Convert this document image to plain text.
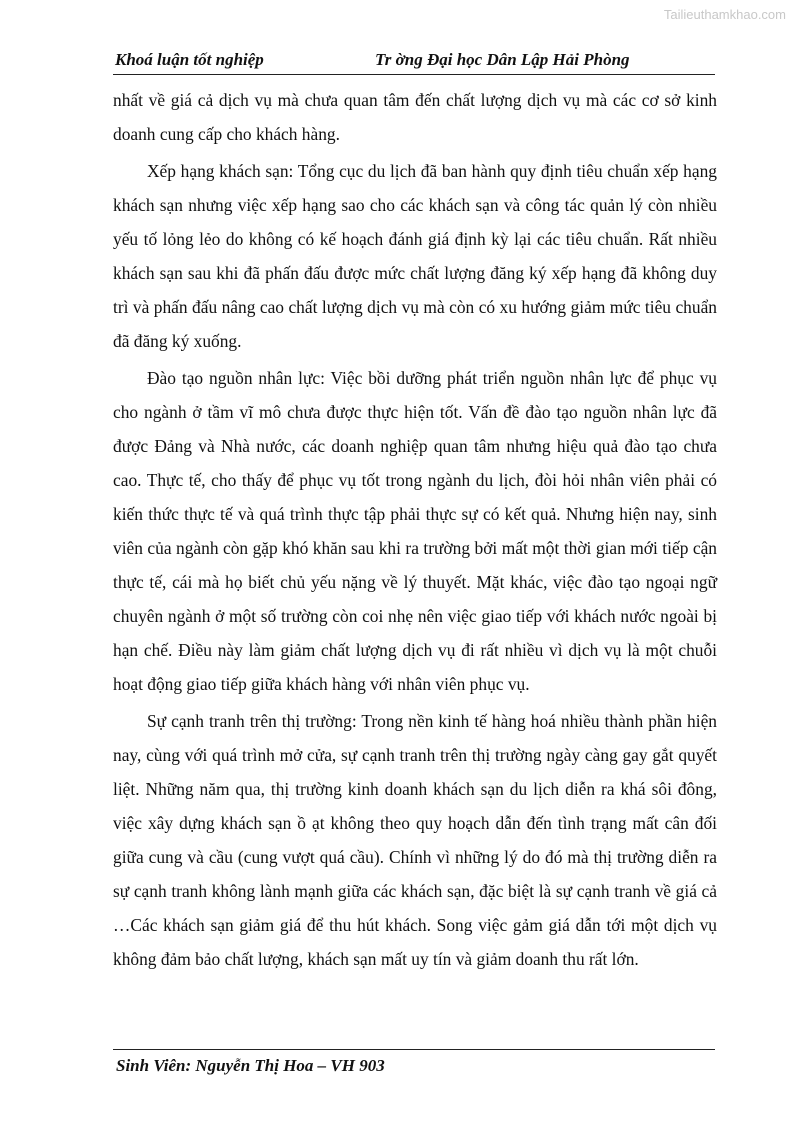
Tailieuthamkhao.com
Khoá luận tốt nghiệp	Tr ờng Đại học Dân Lập Hải Phòng

nhất về giá cả dịch vụ mà chưa quan tâm đến chất lượng dịch vụ mà các cơ sở kinh doanh cung cấp cho khách hàng.

Xếp hạng khách sạn: Tổng cục du lịch đã ban hành quy định tiêu chuẩn xếp hạng khách sạn nhưng việc xếp hạng sao cho các khách sạn và công tác quản lý còn nhiều yếu tố lỏng lẻo do không có kế hoạch đánh giá định kỳ lại các tiêu chuẩn. Rất nhiều khách sạn sau khi đã phấn đấu được mức chất lượng đăng ký xếp hạng đã không duy trì và phấn đấu nâng cao chất lượng dịch vụ mà còn có xu hướng giảm mức tiêu chuẩn đã đăng ký xuống.

Đào tạo nguồn nhân lực: Việc bồi dưỡng phát triển nguồn nhân lực để phục vụ cho ngành ở tầm vĩ mô chưa được thực hiện tốt. Vấn đề đào tạo nguồn nhân lực đã được Đảng và Nhà nước, các doanh nghiệp quan tâm nhưng hiệu quả đào tạo chưa cao. Thực tế, cho thấy để phục vụ tốt trong ngành du lịch, đòi hỏi nhân viên phải có kiến thức thực tế và quá trình thực tập phải thực sự có kết quả. Nhưng hiện nay, sinh viên của ngành còn gặp khó khăn sau khi ra trường bởi mất một thời gian mới tiếp cận thực tế, cái mà họ biết chủ yếu nặng về lý thuyết. Mặt khác, việc đào tạo ngoại ngữ chuyên ngành ở một số trường còn coi nhẹ nên việc giao tiếp với khách nước ngoài bị hạn chế. Điều này làm giảm chất lượng dịch vụ đi rất nhiều vì dịch vụ là một chuỗi hoạt động giao tiếp giữa khách hàng với nhân viên phục vụ.

Sự cạnh tranh trên thị trường: Trong nền kinh tế hàng hoá nhiều thành phần hiện nay, cùng với quá trình mở cửa, sự cạnh tranh trên thị trường ngày càng gay gắt quyết liệt. Những năm qua, thị trường kinh doanh khách sạn du lịch diễn ra khá sôi đông, việc xây dựng khách sạn ồ ạt không theo quy hoạch dẫn đến tình trạng mất cân đối giữa cung và cầu (cung vượt quá cầu). Chính vì những lý do đó mà thị trường diễn ra sự cạnh tranh không lành mạnh giữa các khách sạn, đặc biệt là sự cạnh tranh về giá cả …Các khách sạn giảm giá để thu hút khách. Song việc gảm giá dẫn tới một dịch vụ không đảm bảo chất lượng, khách sạn mất uy tín và giảm doanh thu rất lớn.

Sinh Viên: Nguyễn Thị Hoa – VH 903
